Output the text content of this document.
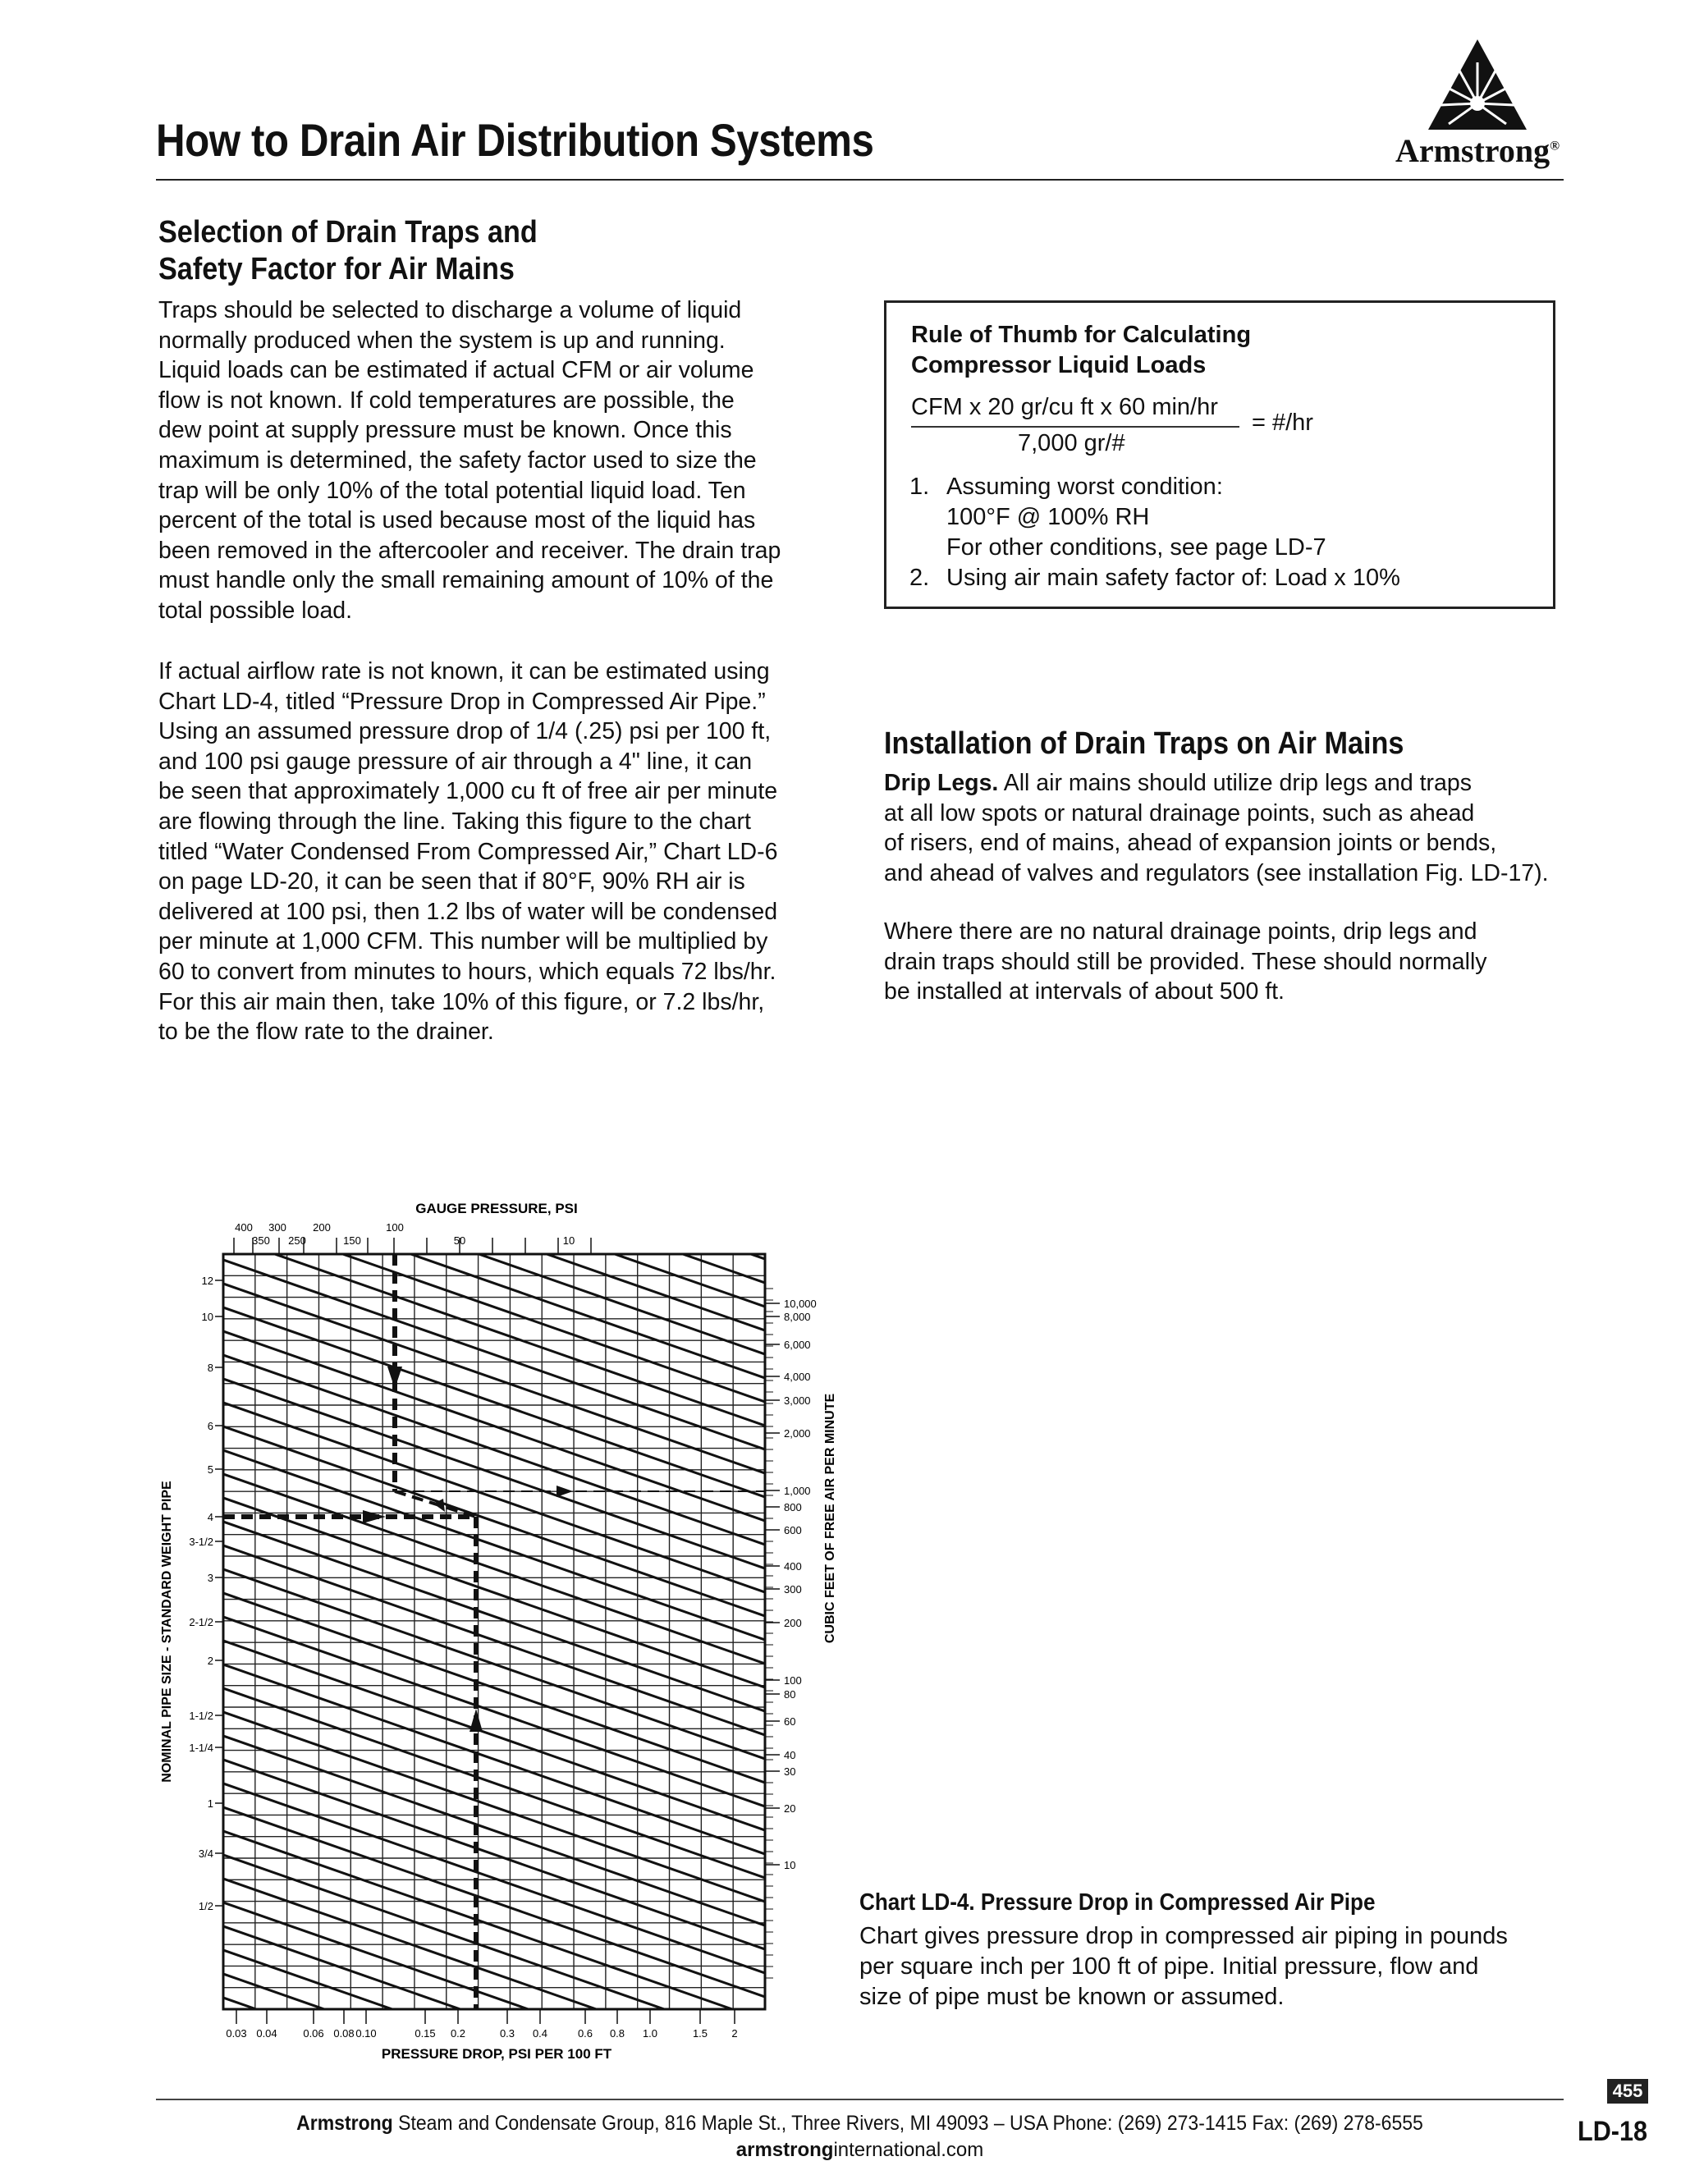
How to Drain Air Distribution Systems	Armstrong®
Selection of Drain Traps and
Safety Factor for Air Mains
Traps should be selected to discharge a volume of liquid
normally produced when the system is up and running.
Liquid loads can be estimated if actual CFM or air volume
flow is not known. If cold temperatures are possible, the
dew point at supply pressure must be known. Once this
maximum is determined, the safety factor used to size the
trap will be only 10% of the total potential liquid load. Ten
percent of the total is used because most of the liquid has
been removed in the aftercooler and receiver. The drain trap
must handle only the small remaining amount of 10% of the
total possible load.
If actual airflow rate is not known, it can be estimated using
Chart LD-4, titled “Pressure Drop in Compressed Air Pipe.”
Using an assumed pressure drop of 1/4 (.25) psi per 100 ft,
and 100 psi gauge pressure of air through a 4" line, it can
be seen that approximately 1,000 cu ft of free air per minute
are flowing through the line. Taking this figure to the chart
titled “Water Condensed From Compressed Air,” Chart LD-6
on page LD-20, it can be seen that if 80°F, 90% RH air is
delivered at 100 psi, then 1.2 lbs of water will be condensed
per minute at 1,000 CFM. This number will be multiplied by
60 to convert from minutes to hours, which equals 72 lbs/hr.
For this air main then, take 10% of this figure, or 7.2 lbs/hr,
to be the flow rate to the drainer.
Rule of Thumb for Calculating
Compressor Liquid Loads
CFM x 20 gr/cu ft x 60 min/hr
7,000 gr/#
= #/hr
1. Assuming worst condition:
100°F @ 100% RH
For other conditions, see page LD-7
2. Using air main safety factor of: Load x 10%
Installation of Drain Traps on Air Mains
Drip Legs. All air mains should utilize drip legs and traps
at all low spots or natural drainage points, such as ahead
of risers, end of mains, ahead of expansion joints or bends,
and ahead of valves and regulators (see installation Fig. LD-17).
Where there are no natural drainage points, drip legs and
drain traps should still be provided. These should normally
be installed at intervals of about 500 ft.
GAUGE PRESSURE, PSI
400 300 200	100
350 250	150	50	10
12
10
8
6
5
4
3-1/2
3
2-1/2
2
1-1/2
1-1/4
1
3/4
1/2
10,000
8,000
6,000
4,000
3,000
2,000
1,000
800
600
400
300
200
100
80
60
40
30
20
10
0.03 0.04 0.06 0.08 0.10	0.15 0.2	0.3 0.4	0.6 0.8 1.0	1.5 2
NOMINAL PIPE SIZE - STANDARD WEIGHT PIPE	CUBIC FEET OF FREE AIR PER MINUTE
PRESSURE DROP, PSI PER 100 FT
Chart LD-4. Pressure Drop in Compressed Air Pipe
Chart gives pressure drop in compressed air piping in pounds
per square inch per 100 ft of pipe. Initial pressure, flow and
size of pipe must be known or assumed.
455
LD-18
Armstrong Steam and Condensate Group, 816 Maple St., Three Rivers, MI 49093 – USA Phone: (269) 273-1415 Fax: (269) 278-6555
armstronginternational.com
